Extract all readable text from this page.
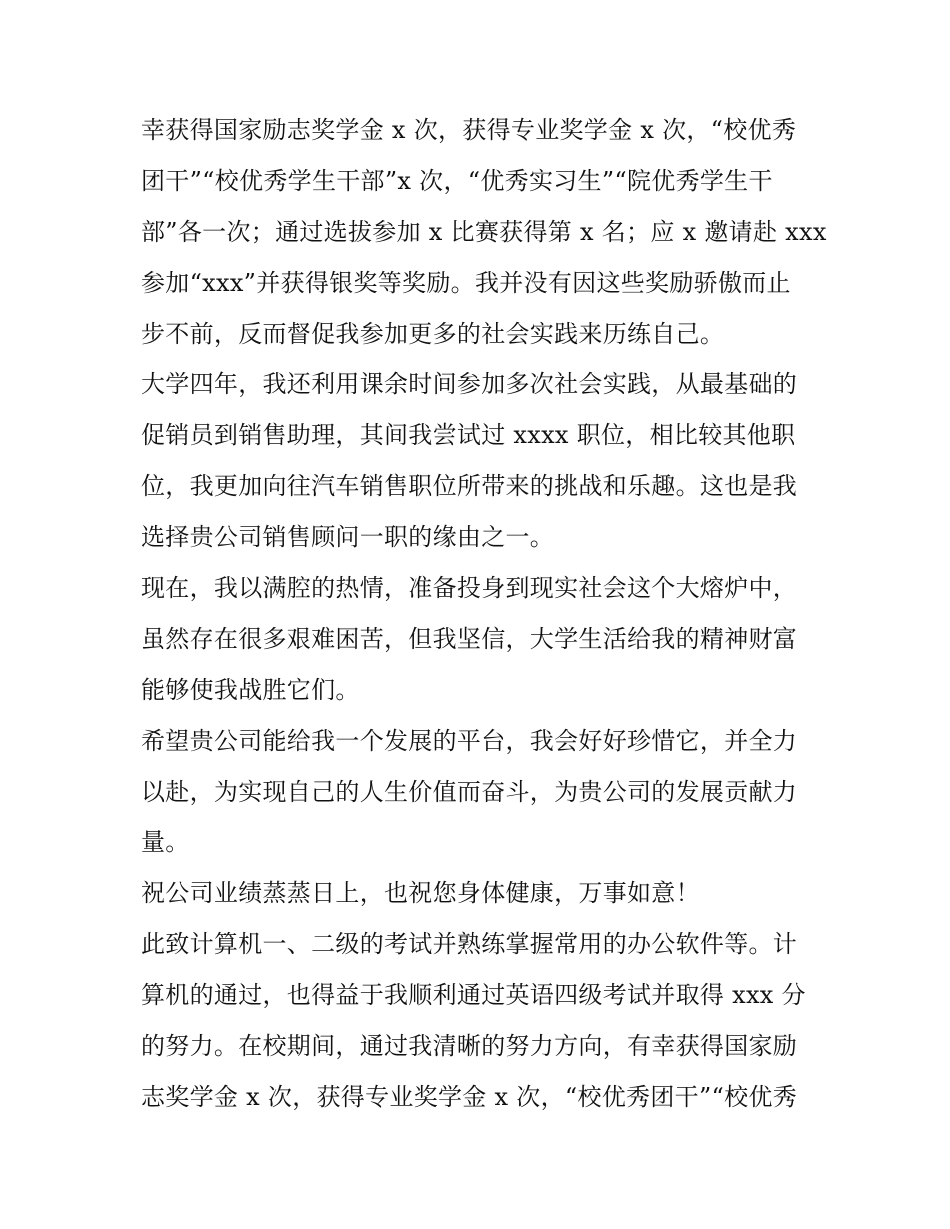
幸获得国家励志奖学金 x 次，获得专业奖学金 x 次，“校优秀
团干”“校优秀学生干部”x 次，“优秀实习生”“院优秀学生干
部”各一次；通过选拔参加 x 比赛获得第 x 名；应 x 邀请赴 xxx
参加“xxx”并获得银奖等奖励。我并没有因这些奖励骄傲而止
步不前，反而督促我参加更多的社会实践来历练自己。
大学四年，我还利用课余时间参加多次社会实践，从最基础的
促销员到销售助理，其间我尝试过 xxxx 职位，相比较其他职
位，我更加向往汽车销售职位所带来的挑战和乐趣。这也是我
选择贵公司销售顾问一职的缘由之一。
现在，我以满腔的热情，准备投身到现实社会这个大熔炉中，
虽然存在很多艰难困苦，但我坚信，大学生活给我的精神财富
能够使我战胜它们。
希望贵公司能给我一个发展的平台，我会好好珍惜它，并全力
以赴，为实现自己的人生价值而奋斗，为贵公司的发展贡献力
量。
祝公司业绩蒸蒸日上，也祝您身体健康，万事如意！
此致计算机一、二级的考试并熟练掌握常用的办公软件等。计
算机的通过，也得益于我顺利通过英语四级考试并取得 xxx 分
的努力。在校期间，通过我清晰的努力方向，有幸获得国家励
志奖学金 x 次，获得专业奖学金 x 次，“校优秀团干”“校优秀
